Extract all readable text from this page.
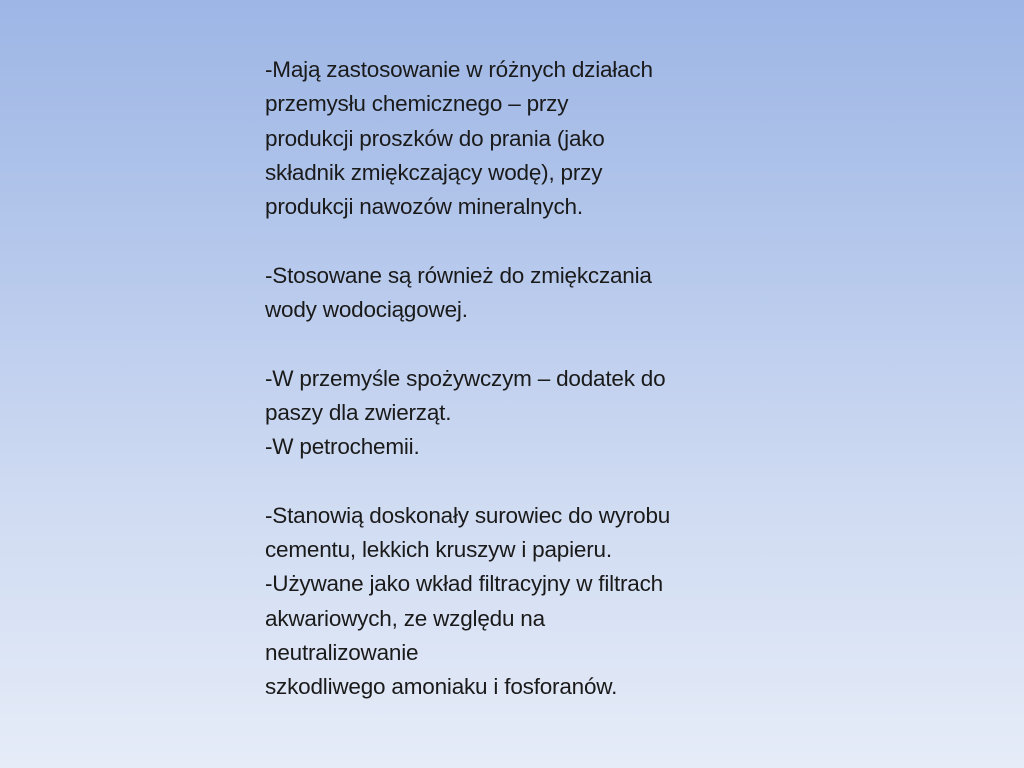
-Mają zastosowanie w różnych działach
przemysłu chemicznego – przy
produkcji proszków do prania (jako
składnik zmiękczający wodę), przy
produkcji nawozów mineralnych.
-Stosowane są również do zmiękczania
wody wodociągowej.
-W przemyśle spożywczym – dodatek do
paszy dla zwierząt.
-W petrochemii.
-Stanowią doskonały surowiec do wyrobu
cementu, lekkich kruszyw i papieru.
-Używane jako wkład filtracyjny w filtrach
akwariowych, ze względu na
neutralizowanie
szkodliwego amoniaku i fosforanów.
